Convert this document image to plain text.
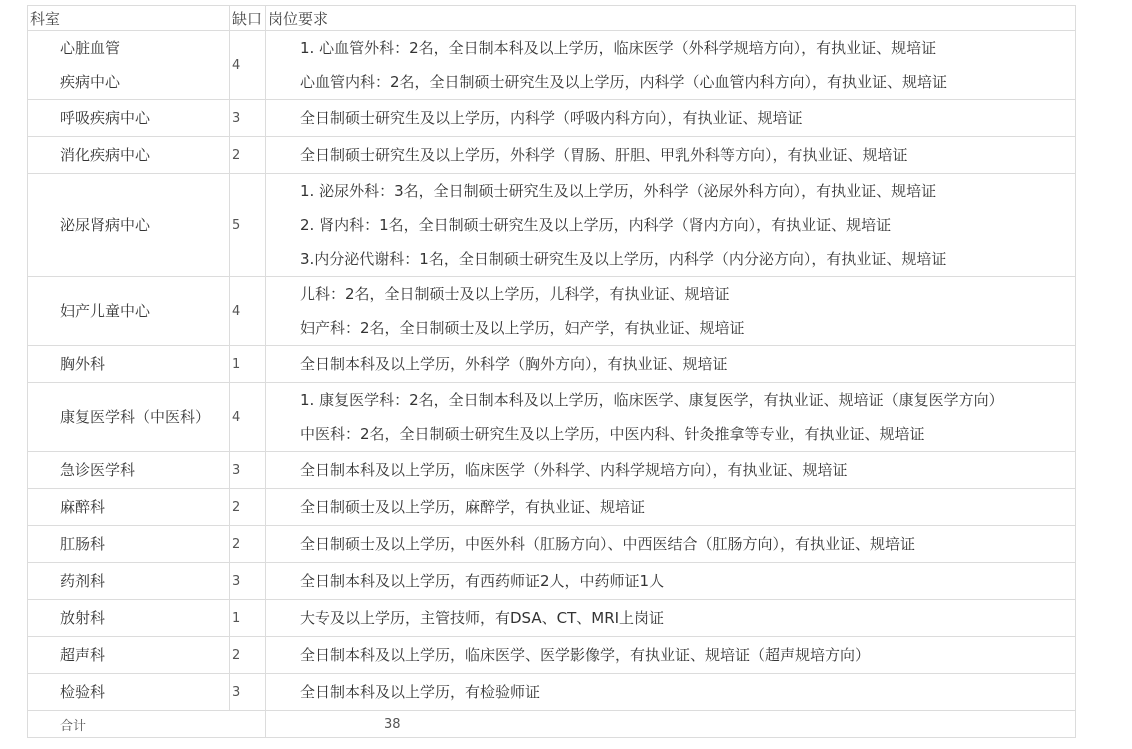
科室	缺口	岗位要求

心脏血管
疾病中心	4	1. 心血管外科：2名，全日制本科及以上学历，临床医学（外科学规培方向），有执业证、规培证
心血管内科：2名，全日制硕士研究生及以上学历，内科学（心血管内科方向），有执业证、规培证

呼吸疾病中心	3	全日制硕士研究生及以上学历，内科学（呼吸内科方向），有执业证、规培证

消化疾病中心	2	全日制硕士研究生及以上学历，外科学（胃肠、肝胆、甲乳外科等方向），有执业证、规培证

泌尿肾病中心	5	1. 泌尿外科：3名，全日制硕士研究生及以上学历，外科学（泌尿外科方向），有执业证、规培证
2. 肾内科：1名，全日制硕士研究生及以上学历，内科学（肾内方向），有执业证、规培证
3.内分泌代谢科：1名，全日制硕士研究生及以上学历，内科学（内分泌方向），有执业证、规培证

妇产儿童中心	4	儿科：2名，全日制硕士及以上学历，儿科学，有执业证、规培证
妇产科：2名，全日制硕士及以上学历，妇产学，有执业证、规培证

胸外科	1	全日制本科及以上学历，外科学（胸外方向），有执业证、规培证

康复医学科（中医科）	4	1. 康复医学科：2名，全日制本科及以上学历，临床医学、康复医学，有执业证、规培证（康复医学方向）
中医科：2名，全日制硕士研究生及以上学历，中医内科、针灸推拿等专业，有执业证、规培证

急诊医学科	3	全日制本科及以上学历，临床医学（外科学、内科学规培方向），有执业证、规培证

麻醉科	2	全日制硕士及以上学历，麻醉学，有执业证、规培证

肛肠科	2	全日制硕士及以上学历，中医外科（肛肠方向）、中西医结合（肛肠方向），有执业证、规培证

药剂科	3	全日制本科及以上学历，有西药师证2人，中药师证1人

放射科	1	大专及以上学历，主管技师，有DSA、CT、MRI上岗证

超声科	2	全日制本科及以上学历，临床医学、医学影像学，有执业证、规培证（超声规培方向）

检验科	3	全日制本科及以上学历，有检验师证

合计		38
